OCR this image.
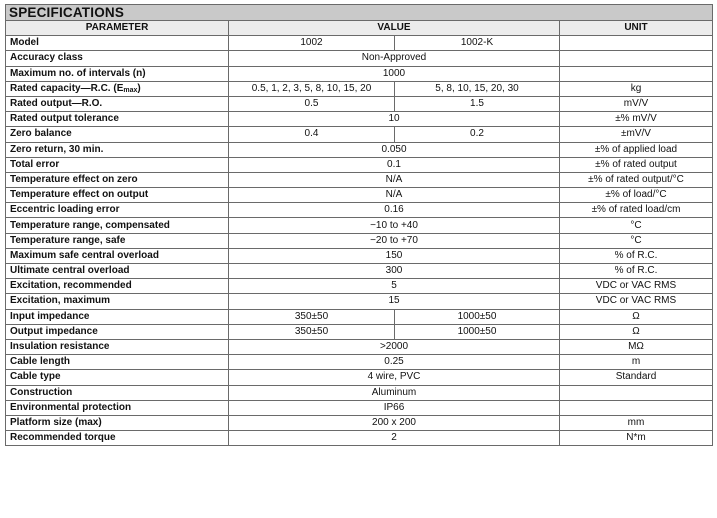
SPECIFICATIONS			
PARAMETER	VALUE		UNIT
Model	1002	1002-K	
Accuracy class	Non-Approved		
Maximum no. of intervals (n)	1000		
Rated capacity—R.C. $(E_{max})$	0.5, 1, 2, 3, 5, 8, 10, 15, 20	5, 8, 10, 15, 20, 30	kg
Rated output—R.O.	0.5	1.5	mV/V
Rated output tolerance	10		±% mV/V
Zero balance	0.4	0.2	±mV/V
Zero return, 30 min.	0.050		±% of applied load
Total error	0.1		±% of rated output
Temperature effect on zero	N/A		±% of rated output/°C
Temperature effect on output	N/A		±% of load/°C
Eccentric loading error	0.16		±% of rated load/cm
Temperature range, compensated	−10 to +40		°C
Temperature range, safe	−20 to +70		°C
Maximum safe central overload	150		% of R.C.
Ultimate central overload	300		% of R.C.
Excitation, recommended	5		VDC or VAC RMS
Excitation, maximum	15		VDC or VAC RMS
Input impedance	350±50	1000±50	Ω
Output impedance	350±50	1000±50	Ω
Insulation resistance	>2000		MΩ
Cable length	0.25		m
Cable type	4 wire, PVC		Standard
Construction	Aluminum		
Environmental protection	IP66		
Platform size (max)	200 x 200		mm
Recommended torque	2		N*m
